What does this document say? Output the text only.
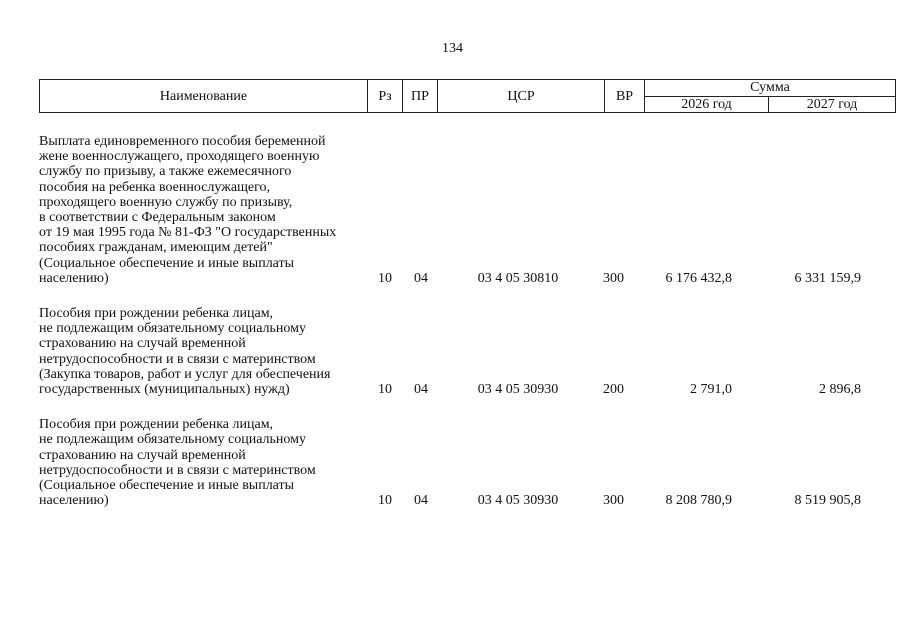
134
Наименование	Рз	ПР	ЦСР	ВР	Сумма	
					2026 год	2027 год
Выплата единовременного пособия беременной
жене военнослужащего, проходящего военную
службу по призыву, а также ежемесячного
пособия на ребенка военнослужащего,
проходящего военную службу по призыву,
в соответствии с Федеральным законом
от 19 мая 1995 года № 81-ФЗ "О государственных
пособиях гражданам, имеющим детей"
(Социальное обеспечение и иные выплаты
населению)	10	04	03 4 05 30810	300	6 176 432,8	6 331 159,9
Пособия при рождении ребенка лицам,
не подлежащим обязательному социальному
страхованию на случай временной
нетрудоспособности и в связи с материнством
(Закупка товаров, работ и услуг для обеспечения
государственных (муниципальных) нужд)	10	04	03 4 05 30930	200	2 791,0	2 896,8
Пособия при рождении ребенка лицам,
не подлежащим обязательному социальному
страхованию на случай временной
нетрудоспособности и в связи с материнством
(Социальное обеспечение и иные выплаты
населению)	10	04	03 4 05 30930	300	8 208 780,9	8 519 905,8
